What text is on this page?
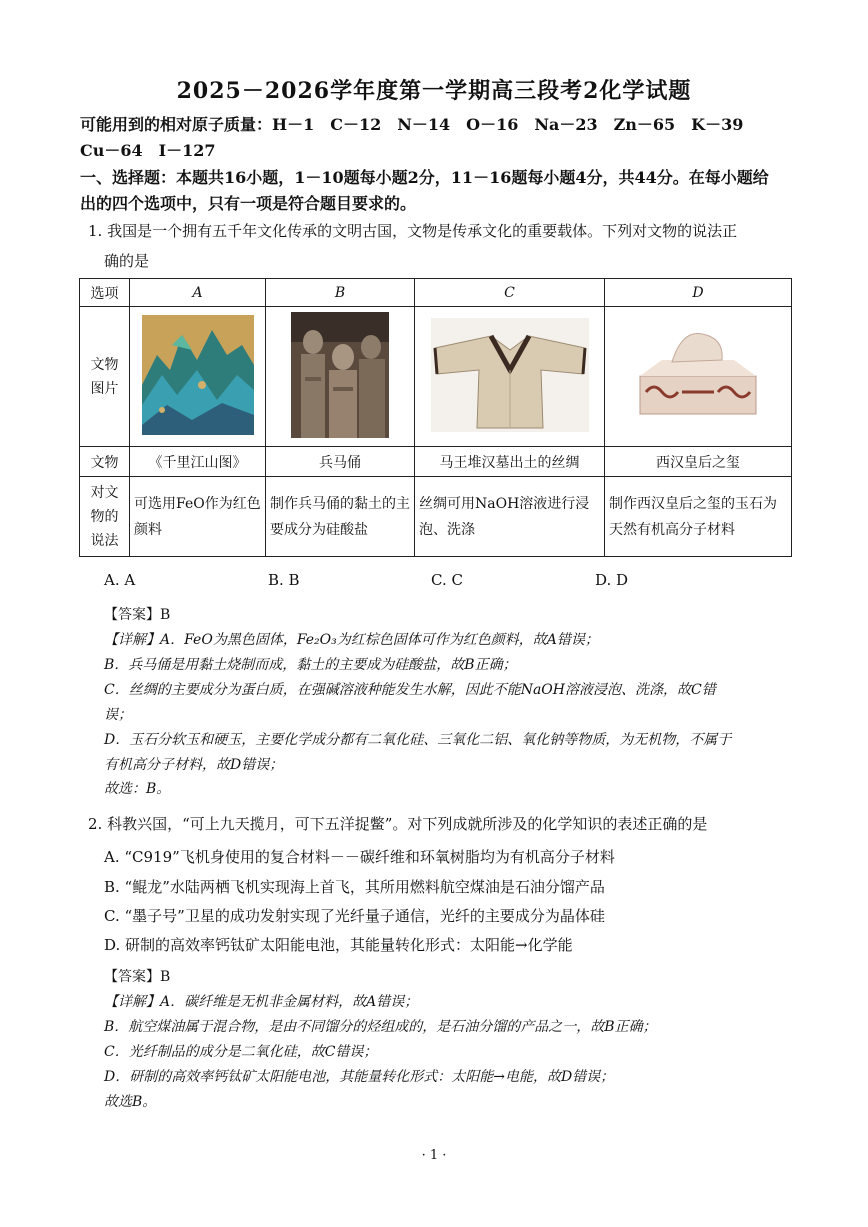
2025－2026学年度第一学期高三段考2化学试题
可能用到的相对原子质量：H－1　C－12　N－14　O－16　Na－23　Zn－65　K－39
Cu－64　I－127
一、选择题：本题共16小题，1－10题每小题2分，11－16题每小题4分，共44分。在每小题给
出的四个选项中，只有一项是符合题目要求的。
1. 我国是一个拥有五千年文化传承的文明古国，文物是传承文化的重要载体。下列对文物的说法正
确的是
选项	A	B	C	D
文物图片				
文物	《千里江山图》	兵马俑	马王堆汉墓出土的丝绸	西汉皇后之玺
对文物的说法	可选用FeO作为红色颜料	制作兵马俑的黏土的主要成分为硅酸盐	丝绸可用NaOH溶液进行浸泡、洗涤	制作西汉皇后之玺的玉石为天然有机高分子材料
A. A	B. B	C. C	D. D
【答案】B
【详解】A．FeO为黑色固体，Fe₂O₃为红棕色固体可作为红色颜料，故A错误；
B．兵马俑是用黏土烧制而成，黏土的主要成为硅酸盐，故B正确；
C．丝绸的主要成分为蛋白质，在强碱溶液种能发生水解，因此不能NaOH溶液浸泡、洗涤，故C错
误；
D．玉石分软玉和硬玉，主要化学成分都有二氧化硅、三氧化二铝、氧化钠等物质，为无机物，不属于
有机高分子材料，故D错误；
故选：B。
2. 科教兴国，“可上九天揽月，可下五洋捉鳖”。对下列成就所涉及的化学知识的表述正确的是
A. “C919”飞机身使用的复合材料－－碳纤维和环氧树脂均为有机高分子材料
B. “鲲龙”水陆两栖飞机实现海上首飞，其所用燃料航空煤油是石油分馏产品
C. “墨子号”卫星的成功发射实现了光纤量子通信，光纤的主要成分为晶体硅
D. 研制的高效率钙钛矿太阳能电池，其能量转化形式：太阳能→化学能
【答案】B
【详解】A．碳纤维是无机非金属材料，故A错误；
B．航空煤油属于混合物，是由不同馏分的烃组成的，是石油分馏的产品之一，故B正确；
C．光纤制品的成分是二氧化硅，故C错误；
D．研制的高效率钙钛矿太阳能电池，其能量转化形式：太阳能→电能，故D错误；
故选B。
· 1 ·
